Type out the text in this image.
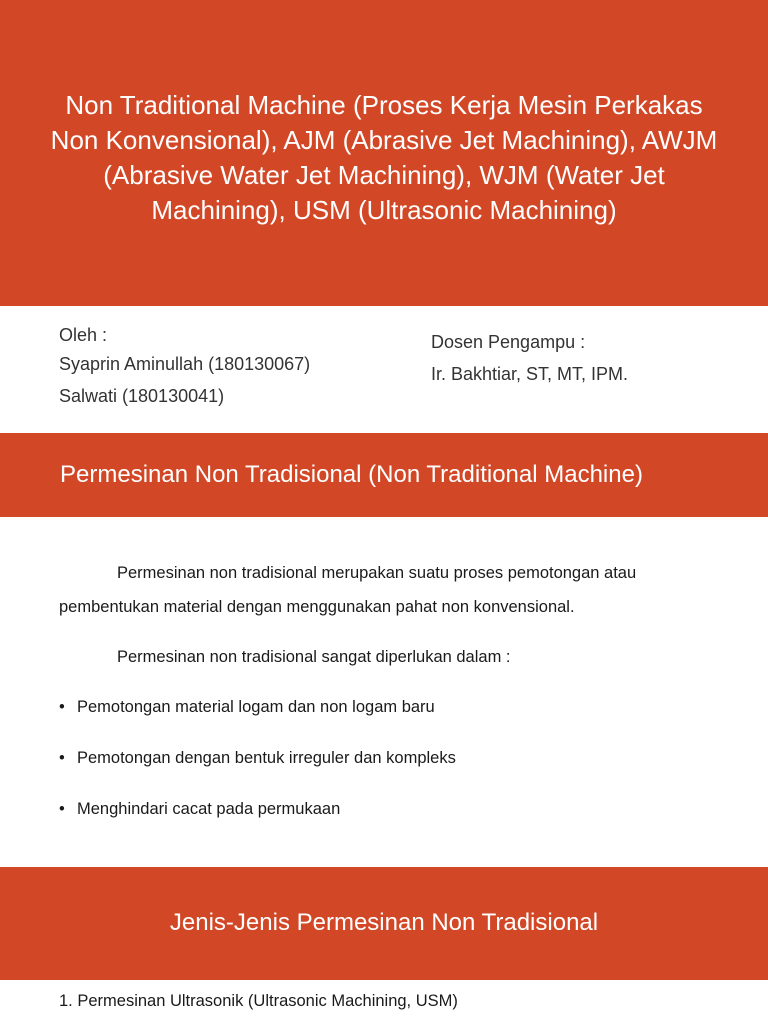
Non Traditional Machine (Proses Kerja Mesin Perkakas Non Konvensional), AJM (Abrasive Jet Machining), AWJM (Abrasive Water Jet Machining), WJM (Water Jet Machining), USM (Ultrasonic Machining)
Oleh :
Syaprin Aminullah (180130067)
Salwati (180130041)
Dosen Pengampu :
Ir. Bakhtiar, ST, MT, IPM.
Permesinan Non Tradisional (Non Traditional Machine)

Permesinan non tradisional merupakan suatu proses pemotongan atau pembentukan material dengan menggunakan pahat non konvensional.

Permesinan non tradisional sangat diperlukan dalam :

• Pemotongan material logam dan non logam baru
• Pemotongan dengan bentuk irreguler dan kompleks
• Menghindari cacat pada permukaan
Jenis-Jenis Permesinan Non Tradisional
1. Permesinan Ultrasonik (Ultrasonic Machining, USM)
